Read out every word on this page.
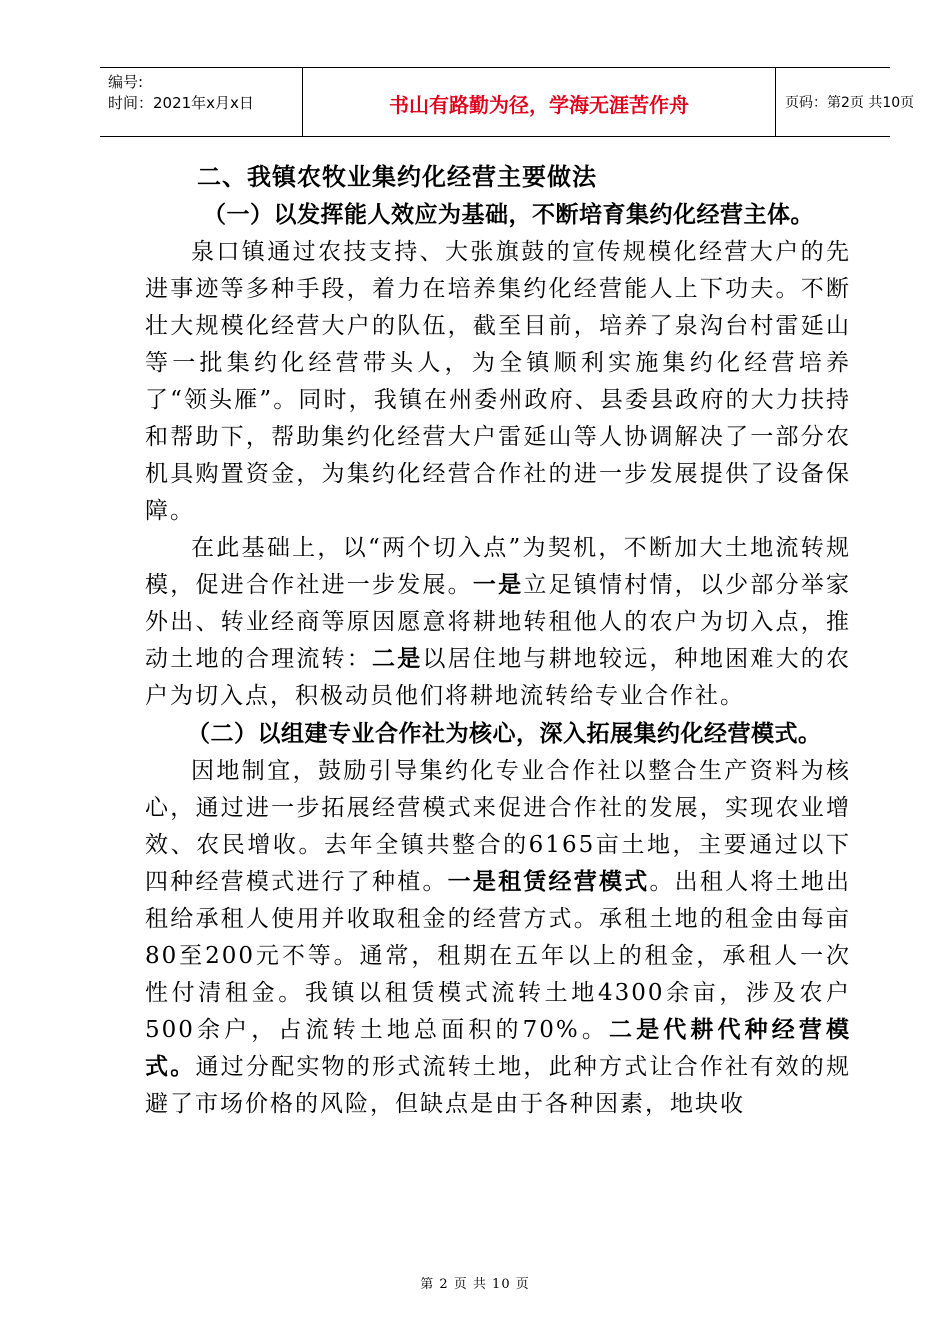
编号:
时间：2021年x月x日	书山有路勤为径，学海无涯苦作舟	页码：第2页 共10页
二、我镇农牧业集约化经营主要做法
（一）以发挥能人效应为基础，不断培育集约化经营主体。

泉口镇通过农技支持、大张旗鼓的宣传规模化经营大户的先进事迹等多种手段，着力在培养集约化经营能人上下功夫。不断壮大规模化经营大户的队伍，截至目前，培养了泉沟台村雷延山等一批集约化经营带头人，为全镇顺利实施集约化经营培养了“领头雁”。同时，我镇在州委州政府、县委县政府的大力扶持和帮助下，帮助集约化经营大户雷延山等人协调解决了一部分农机具购置资金，为集约化经营合作社的进一步发展提供了设备保障。

在此基础上，以“两个切入点”为契机，不断加大土地流转规模，促进合作社进一步发展。一是立足镇情村情，以少部分举家外出、转业经商等原因愿意将耕地转租他人的农户为切入点，推动土地的合理流转：二是以居住地与耕地较远，种地困难大的农户为切入点，积极动员他们将耕地流转给专业合作社。

（二）以组建专业合作社为核心，深入拓展集约化经营模式。

因地制宜，鼓励引导集约化专业合作社以整合生产资料为核心，通过进一步拓展经营模式来促进合作社的发展，实现农业增效、农民增收。去年全镇共整合的6165亩土地，主要通过以下四种经营模式进行了种植。一是租赁经营模式。出租人将土地出租给承租人使用并收取租金的经营方式。承租土地的租金由每亩80至200元不等。通常，租期在五年以上的租金，承租人一次性付清租金。我镇以租赁模式流转土地4300余亩，涉及农户500余户，占流转土地总面积的70%。二是代耕代种经营模式。通过分配实物的形式流转土地，此种方式让合作社有效的规避了市场价格的风险，但缺点是由于各种因素，地块收

第 2 页 共 10 页
